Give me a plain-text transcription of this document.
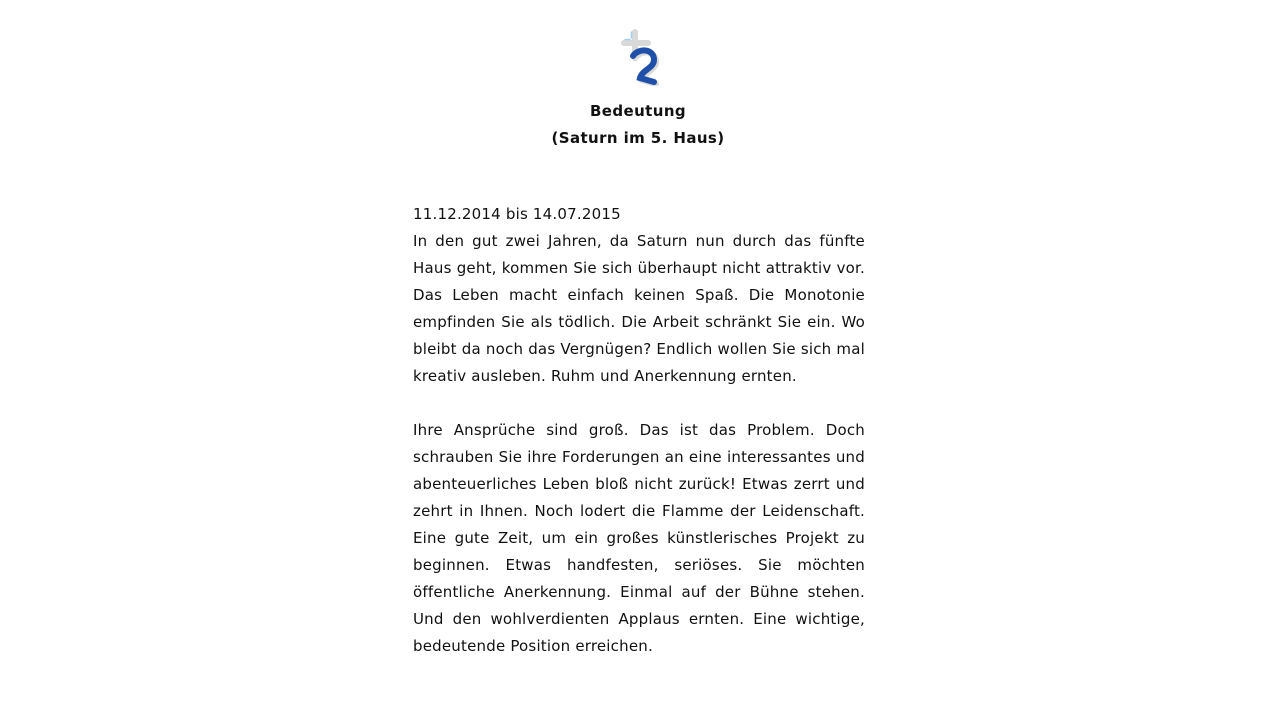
Bedeutung
(Saturn im 5. Haus)
11.12.2014 bis 14.07.2015

In den gut zwei Jahren, da Saturn nun durch das fünfte Haus geht, kommen Sie sich überhaupt nicht attraktiv vor. Das Leben macht einfach keinen Spaß. Die Monotonie empfinden Sie als tödlich. Die Arbeit schränkt Sie ein. Wo bleibt da noch das Vergnügen? Endlich wollen Sie sich mal kreativ ausleben. Ruhm und Anerkennung ernten.

Ihre Ansprüche sind groß. Das ist das Problem. Doch schrauben Sie ihre Forderungen an eine interessantes und abenteuerliches Leben bloß nicht zurück! Etwas zerrt und zehrt in Ihnen. Noch lodert die Flamme der Leidenschaft. Eine gute Zeit, um ein großes künstlerisches Projekt zu beginnen. Etwas handfesten, seriöses. Sie möchten öffentliche Anerkennung. Einmal auf der Bühne stehen. Und den wohlverdienten Applaus ernten. Eine wichtige, bedeutende Position erreichen.
